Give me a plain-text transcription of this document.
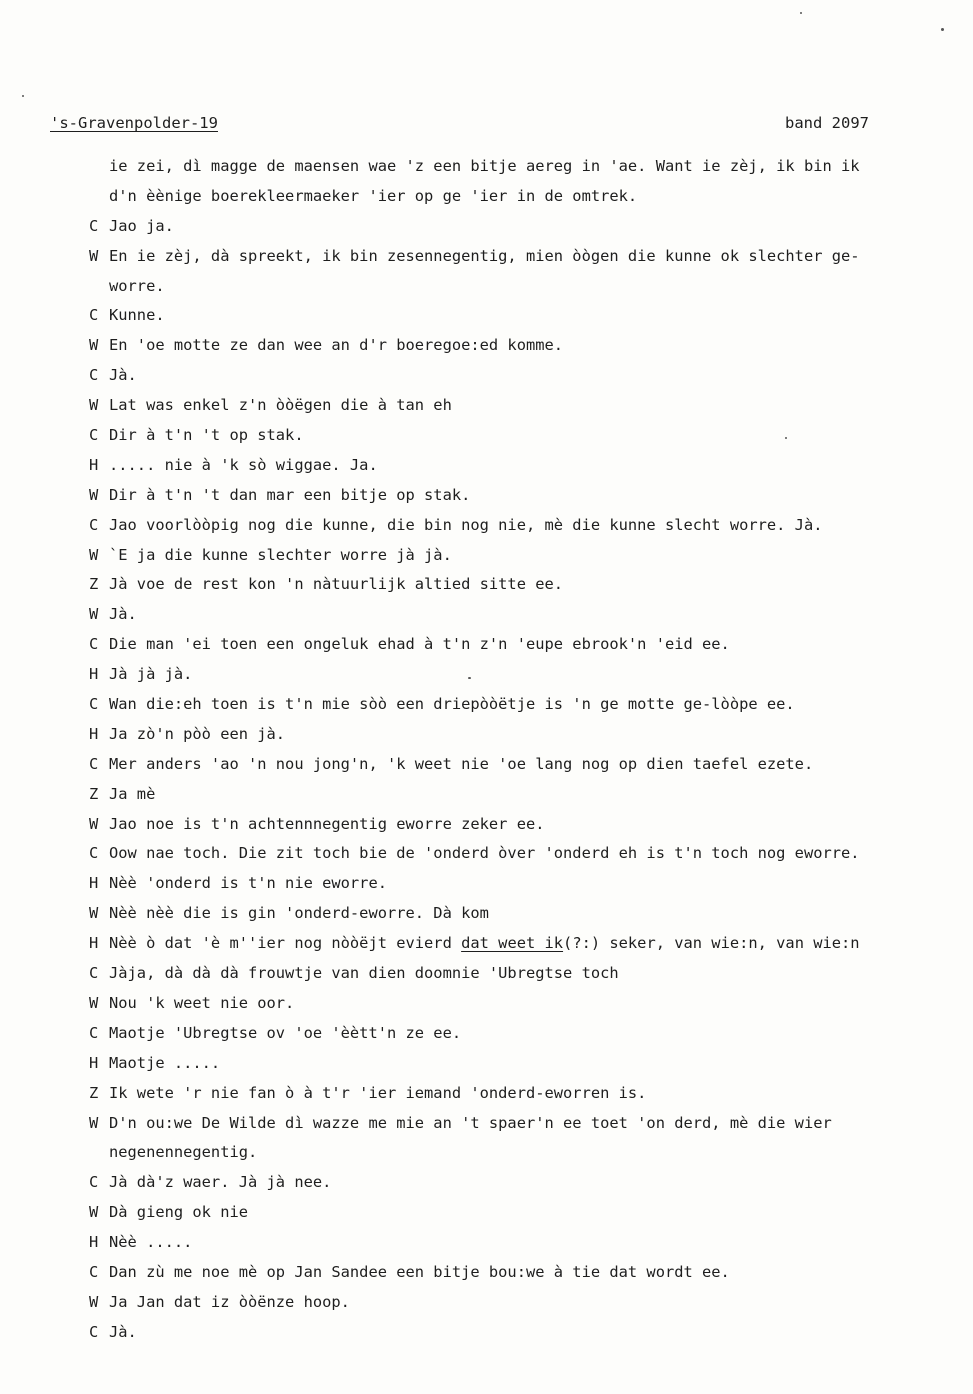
's-Gravenpolder-19	band 2097
ie zei, dì magge de maensen wae 'z een bitje aereg in 'ae. Want ie zèj, ik bin ik
d'n èènige boerekleermaeker 'ier op ge 'ier in de omtrek.
C Jao ja.
W En ie zèj, dà spreekt, ik bin zesennegentig, mien òògen die kunne ok slechter ge-
worre.
C Kunne.
W En 'oe motte ze dan wee an d'r boeregoe:ed komme.
C Jà.
W Lat was enkel z'n òòëgen die à tan eh
C Dir à t'n 't op stak.
H ..... nie à 'k sò wiggae. Ja.
W Dir à t'n 't dan mar een bitje op stak.
C Jao voorlòòpig nog die kunne, die bin nog nie, mè die kunne slecht worre. Jà.
W `E ja die kunne slechter worre jà jà.
Z Jà voe de rest kon 'n nàtuurlijk altied sitte ee.
W Jà.
C Die man 'ei toen een ongeluk ehad à t'n z'n 'eupe ebrook'n 'eid ee.
H Jà jà jà.
C Wan die:eh toen is t'n mie sòò een driepòòëtje is 'n ge motte ge-lòòpe ee.
H Ja zò'n pòò een jà.
C Mer anders 'ao 'n nou jong'n, 'k weet nie 'oe lang nog op dien taefel ezete.
Z Ja mè
W Jao noe is t'n achtennnegentig eworre zeker ee.
C Oow nae toch. Die zit toch bie de 'onderd òver 'onderd eh is t'n toch nog eworre.
H Nèè 'onderd is t'n nie eworre.
W Nèè nèè die is gin 'onderd-eworre. Dà kom
H Nèè ò dat 'è m''ier nog nòòëjt evierd dat weet ik(?:) seker, van wie:n, van wie:n
C Jàja, dà dà dà frouwtje van dien doomnie 'Ubregtse toch
W Nou 'k weet nie oor.
C Maotje 'Ubregtse ov 'oe 'èètt'n ze ee.
H Maotje .....
Z Ik wete 'r nie fan ò à t'r 'ier iemand 'onderd-eworren is.
W D'n ou:we De Wilde dì wazze me mie an 't spaer'n ee toet 'on derd, mè die wier
negenennegentig.
C Jà dà'z waer. Jà jà nee.
W Dà gieng ok nie
H Nèè .....
C Dan zù me noe mè op Jan Sandee een bitje bou:we à tie dat wordt ee.
W Ja Jan dat iz òòënze hoop.
C Jà.
